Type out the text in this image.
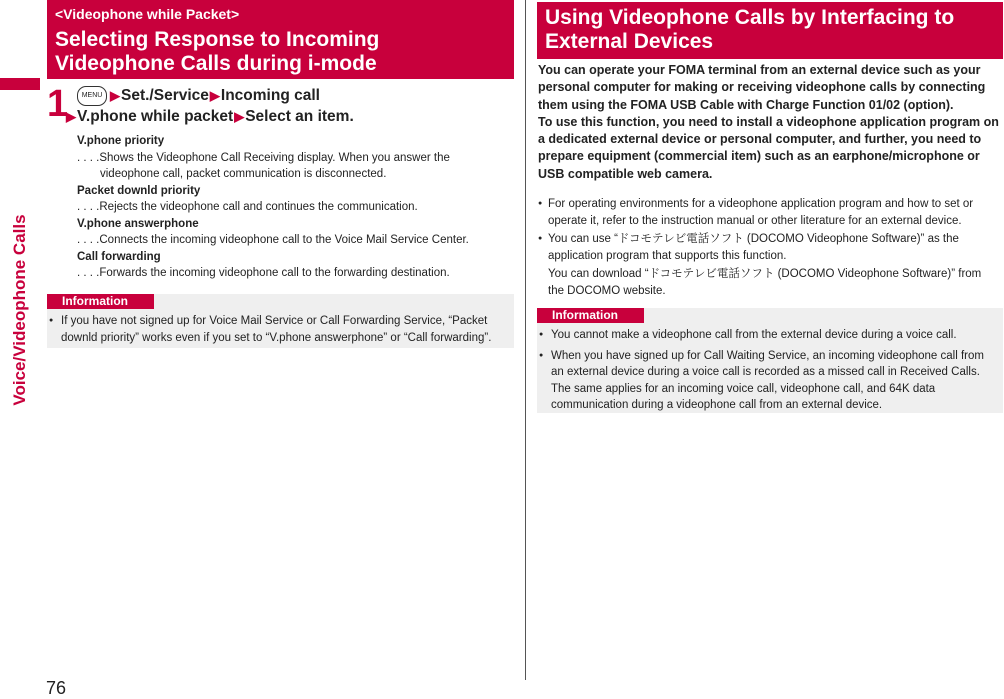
Voice/Videophone Calls
76
<Videophone while Packet>
Selecting Response to Incoming Videophone Calls during i-mode
1	MENU ▶ Set./Service ▶ Incoming call
▶ V.phone while packet ▶ Select an item.
V.phone priority
. . . .Shows the Videophone Call Receiving display. When you answer the videophone call, packet communication is disconnected.
Packet downld priority
. . . .Rejects the videophone call and continues the communication.
V.phone answerphone
. . . .Connects the incoming videophone call to the Voice Mail Service Center.
Call forwarding
. . . .Forwards the incoming videophone call to the forwarding destination.
Information
● If you have not signed up for Voice Mail Service or Call Forwarding Service, “Packet downld priority” works even if you set to “V.phone answerphone” or “Call forwarding”.
Using Videophone Calls by Interfacing to External Devices
You can operate your FOMA terminal from an external device such as your personal computer for making or receiving videophone calls by connecting them using the FOMA USB Cable with Charge Function 01/02 (option).
To use this function, you need to install a videophone application program on a dedicated external device or personal computer, and further, you need to prepare equipment (commercial item) such as an earphone/microphone or USB compatible web camera.
● For operating environments for a videophone application program and how to set or operate it, refer to the instruction manual or other literature for an external device.
● You can use “ドコモテレビ電話ソフト (DOCOMO Videophone Software)” as the application program that supports this function.
You can download “ドコモテレビ電話ソフト (DOCOMO Videophone Software)” from the DOCOMO website.
Information
● You cannot make a videophone call from the external device during a voice call.
● When you have signed up for Call Waiting Service, an incoming videophone call from an external device during a voice call is recorded as a missed call in Received Calls. The same applies for an incoming voice call, videophone call, and 64K data communication during a videophone call from an external device.
